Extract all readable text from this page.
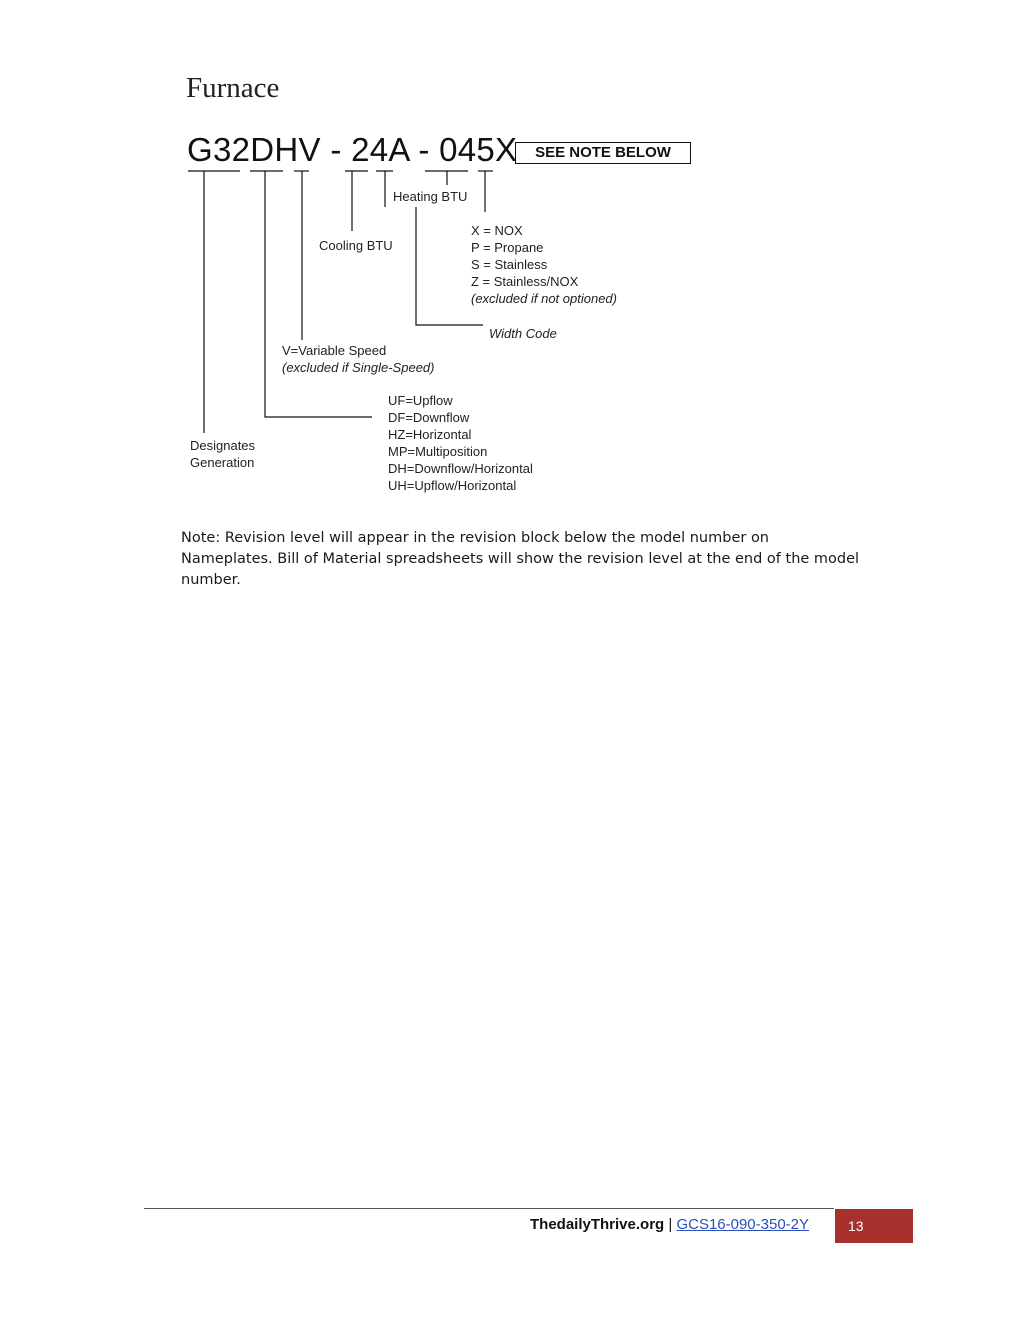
Furnace
G32DHV - 24A - 045X	SEE NOTE BELOW
Heating BTU
Cooling BTU
X = NOX
P = Propane
S = Stainless
Z = Stainless/NOX
(excluded if not optioned)
Width Code
V=Variable Speed
(excluded if Single-Speed)
UF=Upflow
DF=Downflow
HZ=Horizontal
MP=Multiposition
DH=Downflow/Horizontal
UH=Upflow/Horizontal
Designates
Generation
Note: Revision level will appear in the revision block below the model number on Nameplates. Bill of Material spreadsheets will show the revision level at the end of the model number.
ThedailyThrive.org | GCS16-090-350-2Y	13
